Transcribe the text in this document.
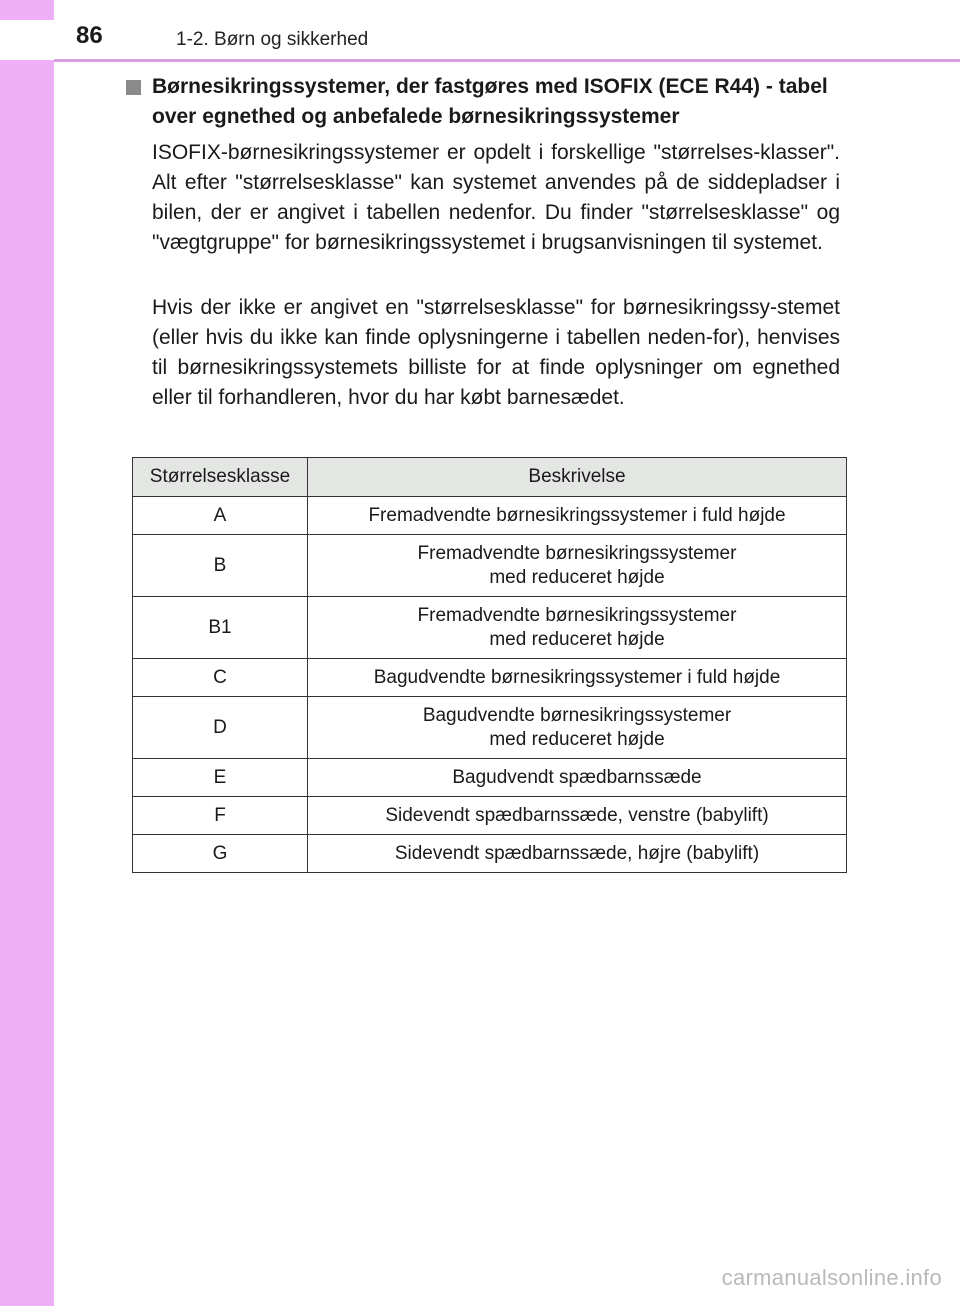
86	1-2. Børn og sikkerhed
Børnesikringssystemer, der fastgøres med ISOFIX (ECE R44) - tabel over egnethed og anbefalede børnesikringssystemer

ISOFIX-børnesikringssystemer er opdelt i forskellige "størrelses-klasser". Alt efter "størrelsesklasse" kan systemet anvendes på de siddepladser i bilen, der er angivet i tabellen nedenfor. Du finder "størrelsesklasse" og "vægtgruppe" for børnesikringssystemet i brugsanvisningen til systemet.

Hvis der ikke er angivet en "størrelsesklasse" for børnesikringssy-stemet (eller hvis du ikke kan finde oplysningerne i tabellen neden-for), henvises til børnesikringssystemets billiste for at finde oplysninger om egnethed eller til forhandleren, hvor du har købt barnesædet.

Størrelsesklasse	Beskrivelse
A	Fremadvendte børnesikringssystemer i fuld højde

B	Fremadvendte børnesikringssystemer
med reduceret højde

B1	Fremadvendte børnesikringssystemer
med reduceret højde

C	Bagudvendte børnesikringssystemer i fuld højde

D	Bagudvendte børnesikringssystemer
med reduceret højde

E	Bagudvendt spædbarnssæde

F	Sidevendt spædbarnssæde, venstre (babylift)

G	Sidevendt spædbarnssæde, højre (babylift)
carmanualsonline.info
